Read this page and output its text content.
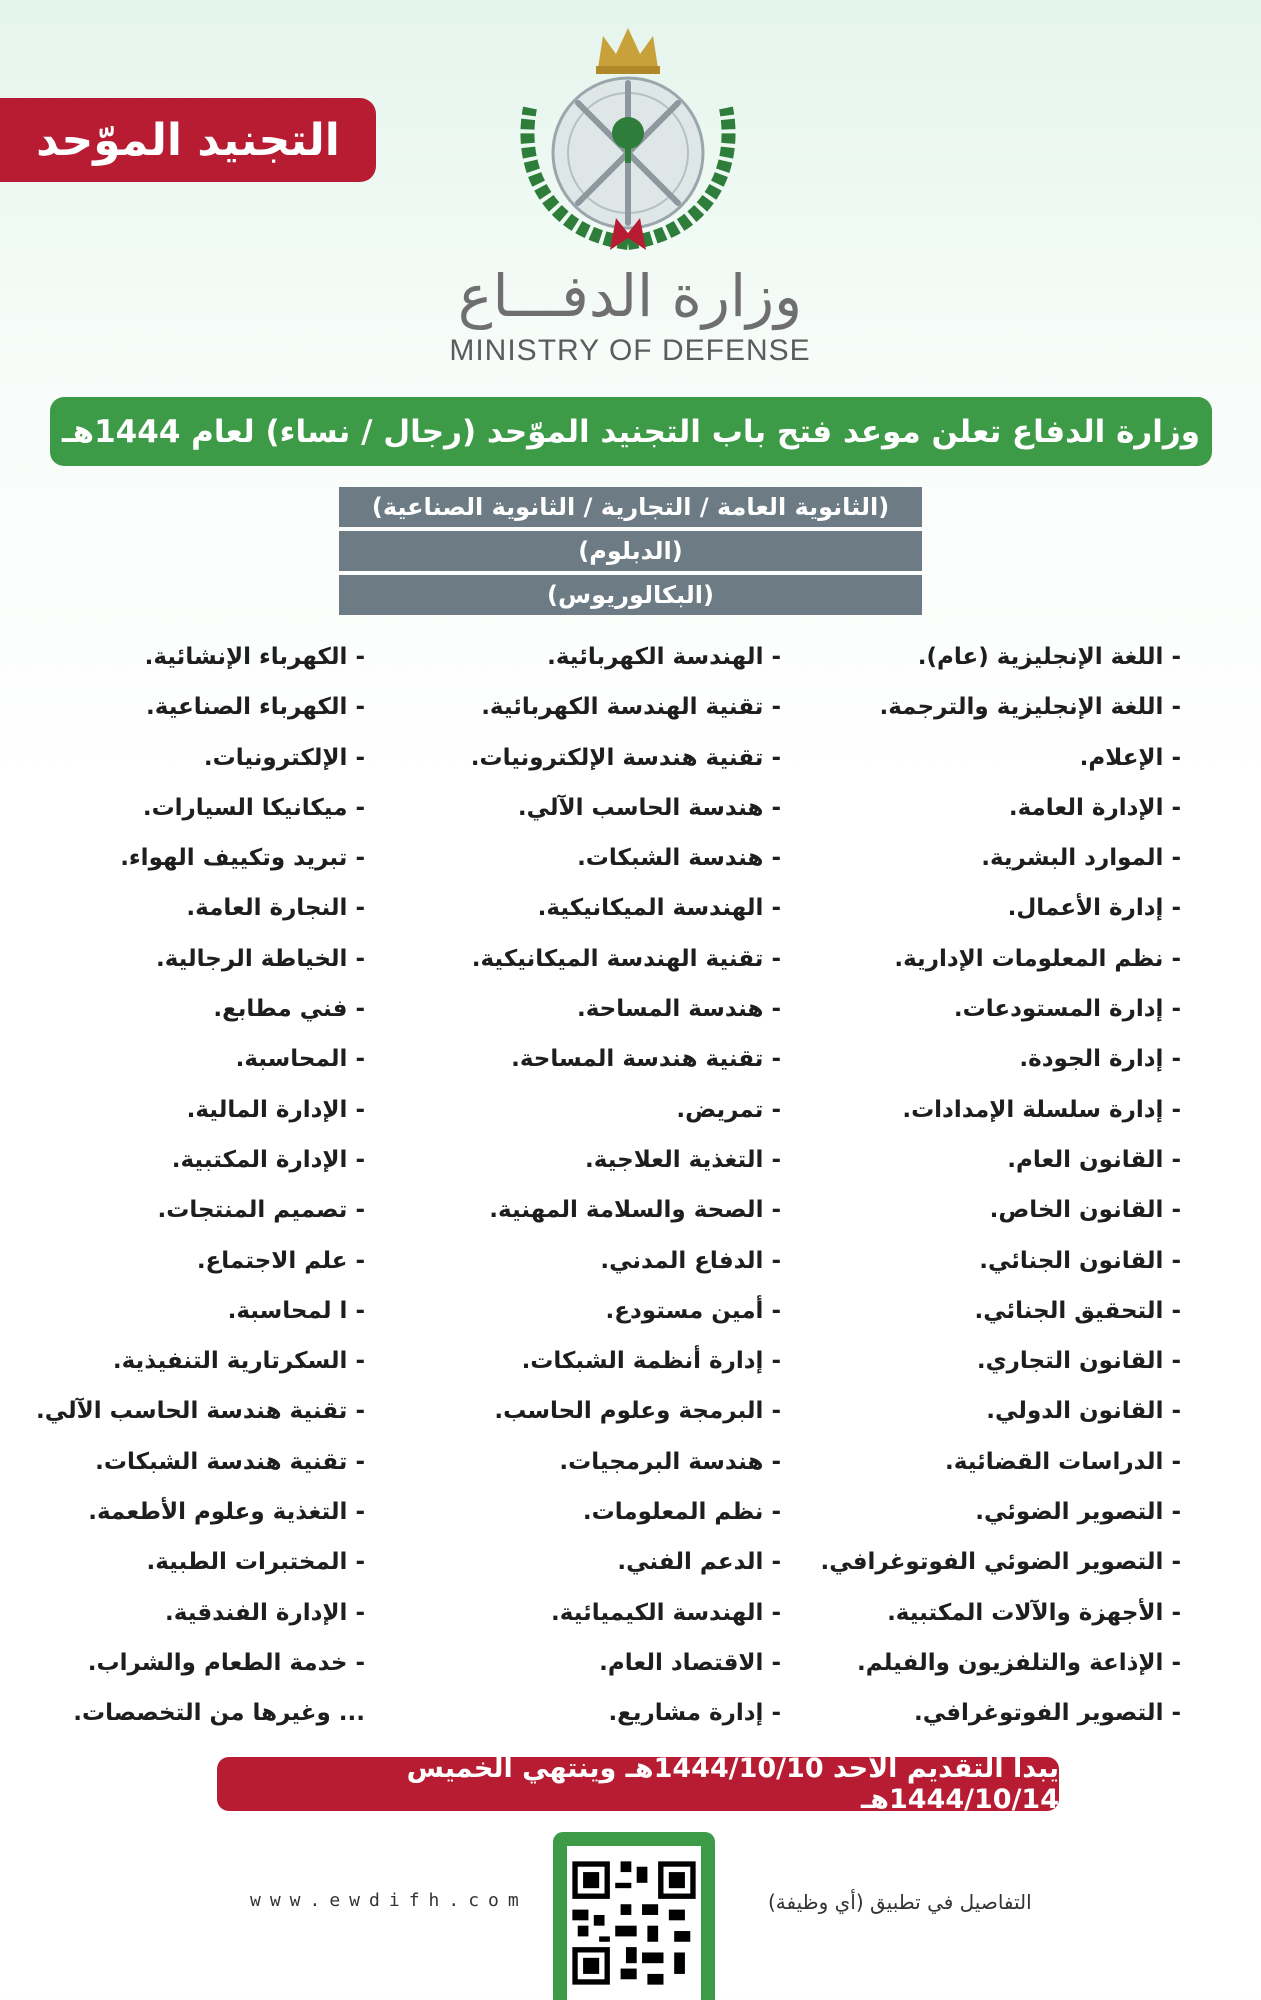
التجنيد الموّحد
وزارة الدفـــاع
MINISTRY OF DEFENSE
وزارة الدفاع تعلن موعد فتح باب التجنيد الموّحد (رجال / نساء) لعام 1444هـ
(الثانوية العامة / التجارية / الثانوية الصناعية)
(الدبلوم)
(البكالوريوس)
- اللغة الإنجليزية (عام).
- اللغة الإنجليزية والترجمة.
- الإعلام.
- الإدارة العامة.
- الموارد البشرية.
- إدارة الأعمال.
- نظم المعلومات الإدارية.
- إدارة المستودعات.
- إدارة الجودة.
- إدارة سلسلة الإمدادات.
- القانون العام.
- القانون الخاص.
- القانون الجنائي.
- التحقيق الجنائي.
- القانون التجاري.
- القانون الدولي.
- الدراسات القضائية.
- التصوير الضوئي.
- التصوير الضوئي الفوتوغرافي.
- الأجهزة والآلات المكتبية.
- الإذاعة والتلفزيون والفيلم.
- التصوير الفوتوغرافي.
- الهندسة الكهربائية.
- تقنية الهندسة الكهربائية.
- تقنية هندسة الإلكترونيات.
- هندسة الحاسب الآلي.
- هندسة الشبكات.
- الهندسة الميكانيكية.
- تقنية الهندسة الميكانيكية.
- هندسة المساحة.
- تقنية هندسة المساحة.
- تمريض.
- التغذية العلاجية.
- الصحة والسلامة المهنية.
- الدفاع المدني.
- أمين مستودع.
- إدارة أنظمة الشبكات.
- البرمجة وعلوم الحاسب.
- هندسة البرمجيات.
- نظم المعلومات.
- الدعم الفني.
- الهندسة الكيميائية.
- الاقتصاد العام.
- إدارة مشاريع.
- الكهرباء الإنشائية.
- الكهرباء الصناعية.
- الإلكترونيات.
- ميكانيكا السيارات.
- تبريد وتكييف الهواء.
- النجارة العامة.
- الخياطة الرجالية.
- فني مطابع.
- المحاسبة.
- الإدارة المالية.
- الإدارة المكتبية.
- تصميم المنتجات.
- علم الاجتماع.
- ا لمحاسبة.
- السكرتارية التنفيذية.
- تقنية هندسة الحاسب الآلي.
- تقنية هندسة الشبكات.
- التغذية وعلوم الأطعمة.
- المختبرات الطبية.
- الإدارة الفندقية.
- خدمة الطعام والشراب.
... وغيرها من التخصصات.
يبدأ التقديم الأحد 1444/10/10هـ وينتهي الخميس 1444/10/14هـ
التفاصيل في تطبيق (أي وظيفة)
www.ewdifh.com
